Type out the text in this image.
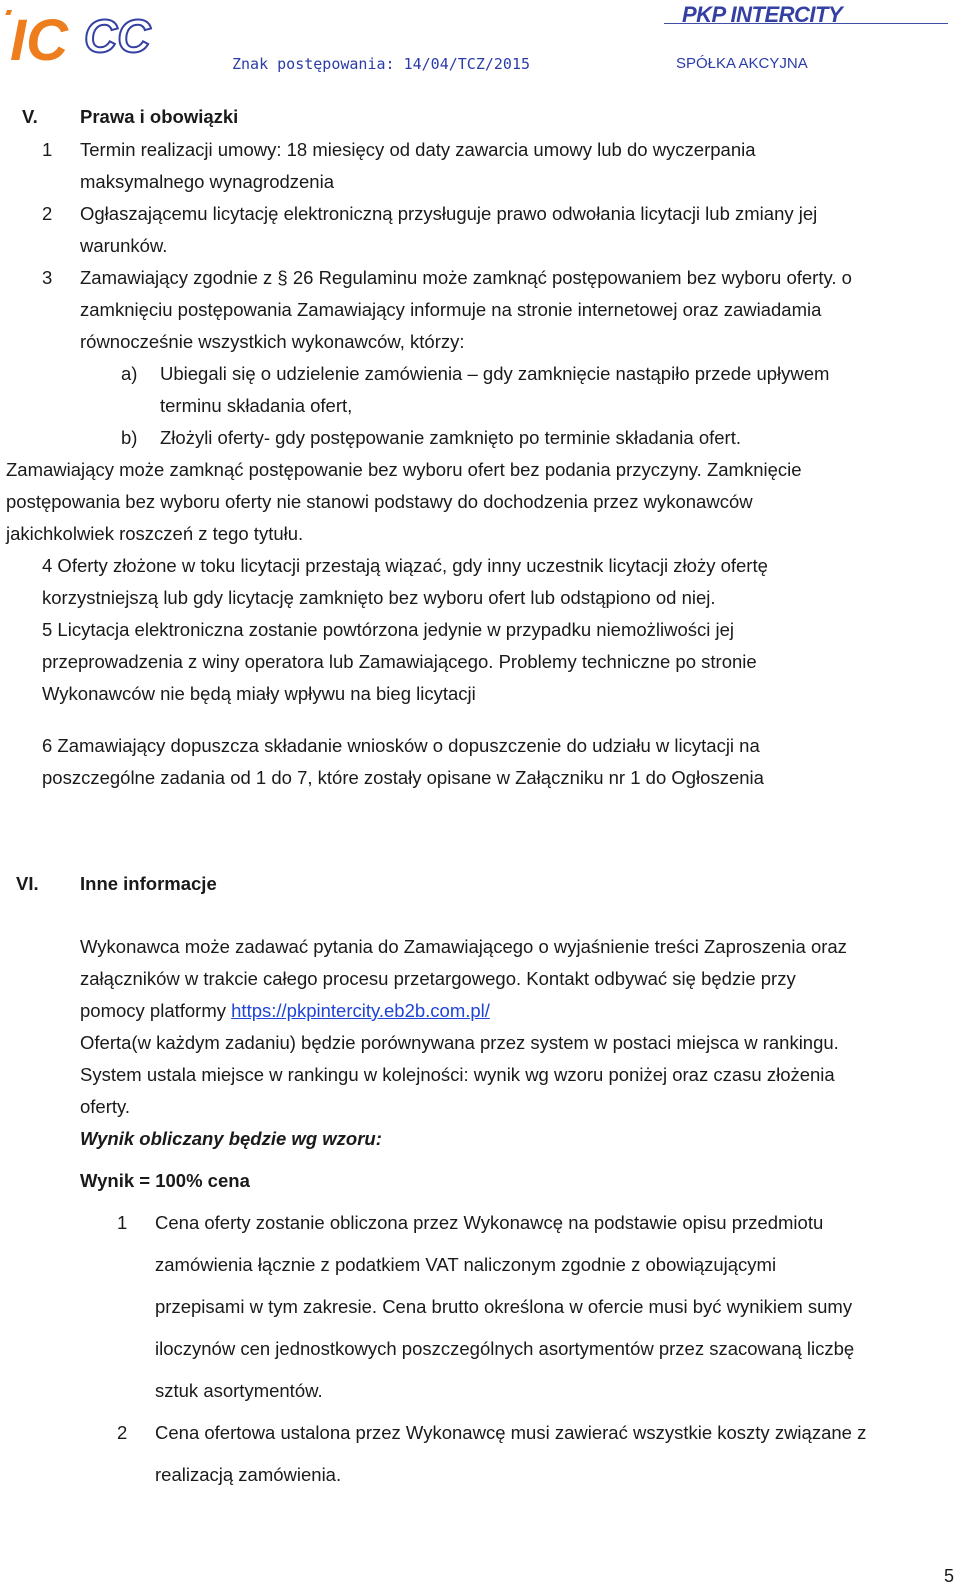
IC CC	PKP INTERCITY
Znak postępowania: 14/04/TCZ/2015	SPÓŁKA AKCYJNA
V. Prawa i obowiązki
1 Termin realizacji umowy: 18 miesięcy od daty zawarcia umowy lub do wyczerpania
maksymalnego wynagrodzenia
2 Ogłaszającemu licytację elektroniczną przysługuje prawo odwołania licytacji lub zmiany jej
warunków.
3 Zamawiający zgodnie z § 26 Regulaminu może zamknąć postępowaniem bez wyboru oferty. o
zamknięciu postępowania Zamawiający informuje na stronie internetowej oraz zawiadamia
równocześnie wszystkich wykonawców, którzy:
a) Ubiegali się o udzielenie zamówienia – gdy zamknięcie nastąpiło przede upływem
terminu składania ofert,
b) Złożyli oferty- gdy postępowanie zamknięto po terminie składania ofert.
Zamawiający może zamknąć postępowanie bez wyboru ofert bez podania przyczyny. Zamknięcie
postępowania bez wyboru oferty nie stanowi podstawy do dochodzenia przez wykonawców
jakichkolwiek roszczeń z tego tytułu.
4 Oferty złożone w toku licytacji przestają wiązać, gdy inny uczestnik licytacji złoży ofertę
korzystniejszą lub gdy licytację zamknięto bez wyboru ofert lub odstąpiono od niej.
5 Licytacja elektroniczna zostanie powtórzona jedynie w przypadku niemożliwości jej
przeprowadzenia z winy operatora lub Zamawiającego. Problemy techniczne po stronie
Wykonawców nie będą miały wpływu na bieg licytacji
6 Zamawiający dopuszcza składanie wniosków o dopuszczenie do udziału w licytacji na
poszczególne zadania od 1 do 7, które zostały opisane w Załączniku nr 1 do Ogłoszenia
VI. Inne informacje
Wykonawca może zadawać pytania do Zamawiającego o wyjaśnienie treści Zaproszenia oraz
załączników w trakcie całego procesu przetargowego. Kontakt odbywać się będzie przy
pomocy platformy https://pkpintercity.eb2b.com.pl/
Oferta(w każdym zadaniu) będzie porównywana przez system w postaci miejsca w rankingu.
System ustala miejsce w rankingu w kolejności: wynik wg wzoru poniżej oraz czasu złożenia
oferty.
Wynik obliczany będzie wg wzoru:
Wynik = 100% cena
1 Cena oferty zostanie obliczona przez Wykonawcę na podstawie opisu przedmiotu
zamówienia łącznie z podatkiem VAT naliczonym zgodnie z obowiązującymi
przepisami w tym zakresie. Cena brutto określona w ofercie musi być wynikiem sumy
iloczynów cen jednostkowych poszczególnych asortymentów przez szacowaną liczbę
sztuk asortymentów.
2 Cena ofertowa ustalona przez Wykonawcę musi zawierać wszystkie koszty związane z
realizacją zamówienia.
5
